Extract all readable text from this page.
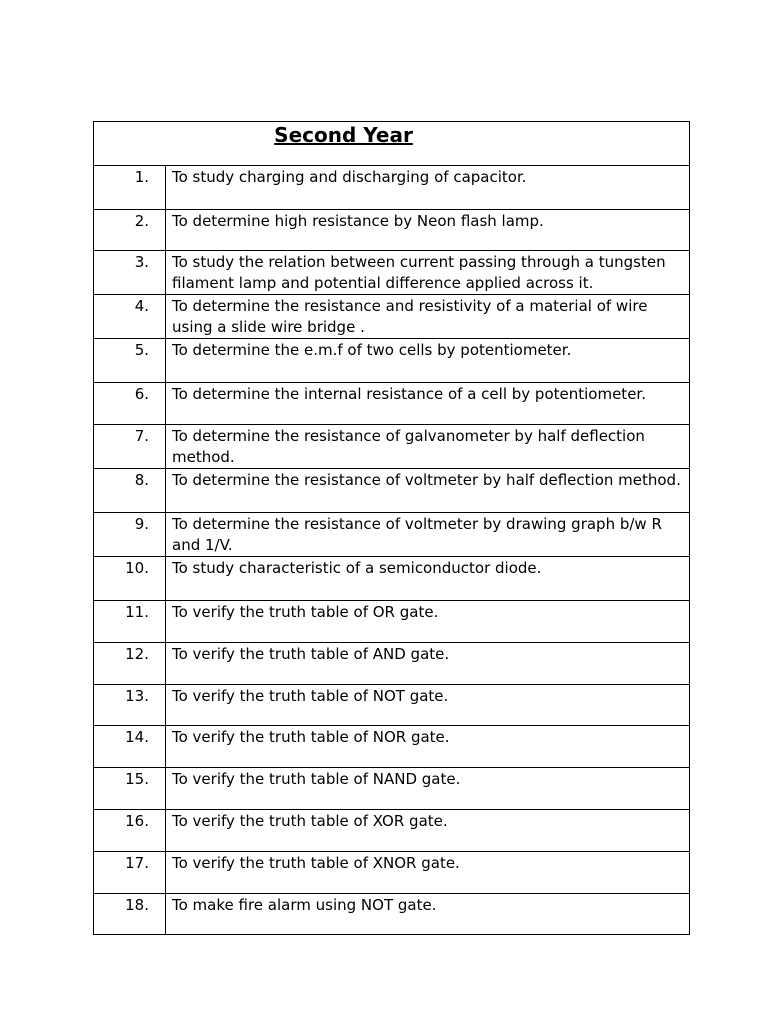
Second Year	
1.	To study charging and discharging of capacitor.
2.	To determine high resistance by Neon flash lamp.
3.	To study the relation between current passing through a tungsten filament lamp and potential difference applied across it.
4.	To determine the resistance and resistivity of a material of wire using a slide wire bridge .
5.	To determine the e.m.f of two cells by potentiometer.
6.	To determine the internal resistance of a cell by potentiometer.
7.	To determine the resistance of galvanometer by half deflection method.
8.	To determine the resistance of voltmeter by half deflection method.
9.	To determine the resistance of voltmeter by drawing graph b/w R and 1/V.
10.	To study characteristic of a semiconductor diode.
11.	To verify the truth table of OR gate.
12.	To verify the truth table of AND gate.
13.	To verify the truth table of NOT gate.
14.	To verify the truth table of NOR gate.
15.	To verify the truth table of NAND gate.
16.	To verify the truth table of XOR gate.
17.	To verify the truth table of XNOR gate.
18.	To make fire alarm using NOT gate.
